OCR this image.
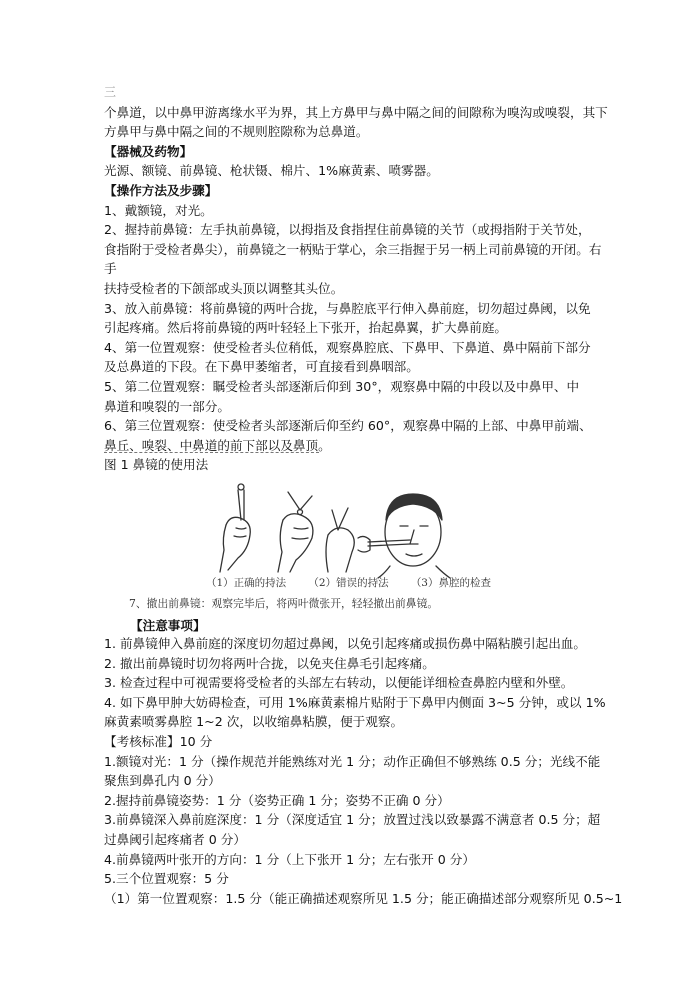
三

个鼻道，以中鼻甲游离缘水平为界，其上方鼻甲与鼻中隔之间的间隙称为嗅沟或嗅裂，其下

方鼻甲与鼻中隔之间的不规则腔隙称为总鼻道。

【器械及药物】

光源、额镜、前鼻镜、枪状镊、棉片、1%麻黄素、喷雾器。

【操作方法及步骤】

1、戴额镜，对光。

2、握持前鼻镜：左手执前鼻镜，以拇指及食指捏住前鼻镜的关节（或拇指附于关节处，

食指附于受检者鼻尖），前鼻镜之一柄贴于掌心，余三指握于另一柄上司前鼻镜的开闭。右

手

扶持受检者的下颌部或头顶以调整其头位。

3、放入前鼻镜：将前鼻镜的两叶合拢，与鼻腔底平行伸入鼻前庭，切勿超过鼻阈，以免

引起疼痛。然后将前鼻镜的两叶轻轻上下张开，抬起鼻翼，扩大鼻前庭。

4、第一位置观察：使受检者头位稍低，观察鼻腔底、下鼻甲、下鼻道、鼻中隔前下部分

及总鼻道的下段。在下鼻甲萎缩者，可直接看到鼻咽部。

5、第二位置观察：瞩受检者头部逐渐后仰到 30°，观察鼻中隔的中段以及中鼻甲、中

鼻道和嗅裂的一部分。

6、第三位置观察：使受检者头部逐渐后仰至约 60°，观察鼻中隔的上部、中鼻甲前端、

鼻丘、嗅裂、中鼻道的前下部以及鼻顶。

图 1 鼻镜的使用法

（1）正确的持法 （2）错误的持法 （3）鼻腔的检查
7、撤出前鼻镜：观察完毕后，将两叶微张开，轻轻撤出前鼻镜。
【注意事项】

1. 前鼻镜伸入鼻前庭的深度切勿超过鼻阈，以免引起疼痛或损伤鼻中隔粘膜引起出血。

2. 撤出前鼻镜时切勿将两叶合拢，以免夹住鼻毛引起疼痛。

3. 检查过程中可视需要将受检者的头部左右转动，以便能详细检查鼻腔内壁和外壁。

4. 如下鼻甲肿大妨碍检查，可用 1%麻黄素棉片贴附于下鼻甲内侧面 3~5 分钟，或以 1%

麻黄素喷雾鼻腔 1~2 次，以收缩鼻粘膜，便于观察。

【考核标准】10 分

1.额镜对光：1 分（操作规范并能熟练对光 1 分；动作正确但不够熟练 0.5 分；光线不能

聚焦到鼻孔内 0 分）

2.握持前鼻镜姿势：1 分（姿势正确 1 分；姿势不正确 0 分）

3.前鼻镜深入鼻前庭深度：1 分（深度适宜 1 分；放置过浅以致暴露不满意者 0.5 分；超

过鼻阈引起疼痛者 0 分）

4.前鼻镜两叶张开的方向：1 分（上下张开 1 分；左右张开 0 分）

5.三个位置观察：5 分

（1）第一位置观察：1.5 分（能正确描述观察所见 1.5 分；能正确描述部分观察所见 0.5~1
